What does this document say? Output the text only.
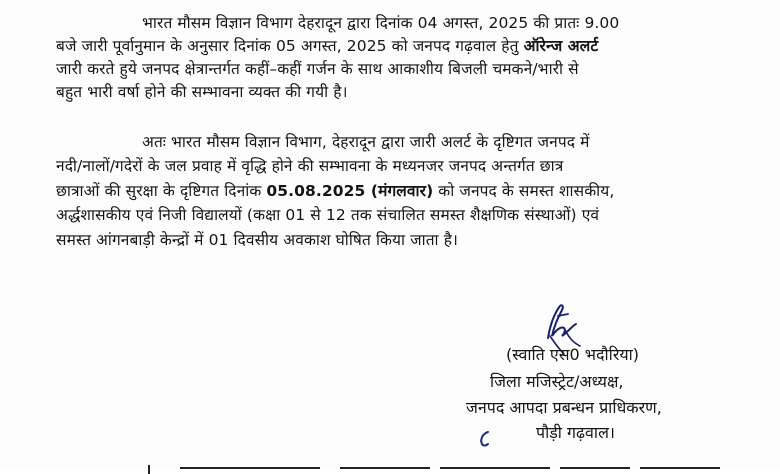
भारत मौसम विज्ञान विभाग देहरादून द्वारा दिनांक 04 अगस्त, 2025 की प्रातः 9.00
बजे जारी पूर्वानुमान के अनुसार दिनांक 05 अगस्त, 2025 को जनपद गढ़वाल हेतु ऑरेन्ज अलर्ट
जारी करते हुये जनपद क्षेत्रान्तर्गत कहीं–कहीं गर्जन के साथ आकाशीय बिजली चमकने/भारी से
बहुत भारी वर्षा होने की सम्भावना व्यक्त की गयी है।
अतः भारत मौसम विज्ञान विभाग, देहरादून द्वारा जारी अलर्ट के दृष्टिगत जनपद में
नदी/नालों/गदेरों के जल प्रवाह में वृद्धि होने की सम्भावना के मध्यनजर जनपद अन्तर्गत छात्र
छात्राओं की सुरक्षा के दृष्टिगत दिनांक 05.08.2025 (मंगलवार) को जनपद के समस्त शासकीय,
अर्द्धशासकीय एवं निजी विद्यालयों (कक्षा 01 से 12 तक संचालित समस्त शैक्षणिक संस्थाओं) एवं
समस्त आंगनबाड़ी केन्द्रों में 01 दिवसीय अवकाश घोषित किया जाता है।
(स्वाति एस0 भदौरिया)
जिला मजिस्ट्रेट/अध्यक्ष,
जनपद आपदा प्रबन्धन प्राधिकरण,
पौड़ी गढ़वाल।
